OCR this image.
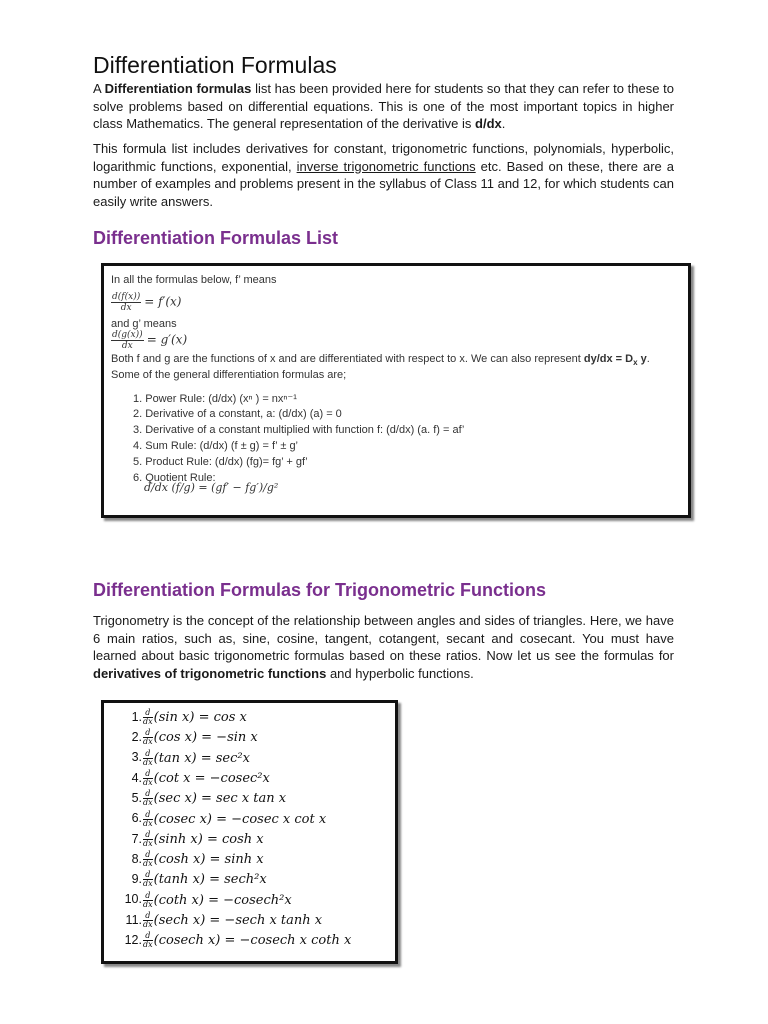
Differentiation Formulas

A Differentiation formulas list has been provided here for students so that they can refer to these to solve problems based on differential equations. This is one of the most important topics in higher class Mathematics. The general representation of the derivative is d/dx.

This formula list includes derivatives for constant, trigonometric functions, polynomials, hyperbolic, logarithmic functions, exponential, inverse trigonometric functions etc. Based on these, there are a number of examples and problems present in the syllabus of Class 11 and 12, for which students can easily write answers.

Differentiation Formulas List
In all the formulas below, f’ means
$\frac{d(f(x))}{dx} = f'(x)$
and g’ means
$\frac{d(g(x))}{dx} = g'(x)$
Both f and g are the functions of x and are differentiated with respect to x. We can also represent $dy/dx = D_x$ y.
Some of the general differentiation formulas are;
1. Power Rule: (d/dx) (xⁿ ) = nxⁿ⁻¹
2. Derivative of a constant, a: (d/dx) (a) = 0
3. Derivative of a constant multiplied with function f: (d/dx) (a. f) = af’
4. Sum Rule: (d/dx) (f ± g) = f’ ± g’
5. Product Rule: (d/dx) (fg)= fg’ + gf’
6. Quotient Rule:
d/dx (f/g) = (gf′ − fg′)/g²
Differentiation Formulas for Trigonometric Functions

Trigonometry is the concept of the relationship between angles and sides of triangles. Here, we have 6 main ratios, such as, sine, cosine, tangent, cotangent, secant and cosecant. You must have learned about basic trigonometric formulas based on these ratios. Now let us see the formulas for derivatives of trigonometric functions and hyperbolic functions.

1. $\frac{d}{dx} (\sin$ x) = cos x
2. $\frac{d}{dx} (\cos$ x) = −sin x
3. $\frac{d}{dx} (\tan$ x) = sec²x
4. $\frac{d}{dx} (\cot$ x = −cosec²x
5. $\frac{d}{dx} (\sec$ x) = sec x tan x
6. $\frac{d}{dx} (cosec$ x) = −cosec x cot x
7. $\frac{d}{dx} (\sinh$ x) = cosh x
8. $\frac{d}{dx} (\cosh$ x) = sinh x
9. $\frac{d}{dx} (\tanh$ x) = sech²x
10. $\frac{d}{dx} (\cot h$ x) = −cosech²x
11. $\frac{d}{dx} (\sec h$ x) = −sech x tanh x
12. $\frac{d}{dx} (cosech$ x) = −cosech x coth x
